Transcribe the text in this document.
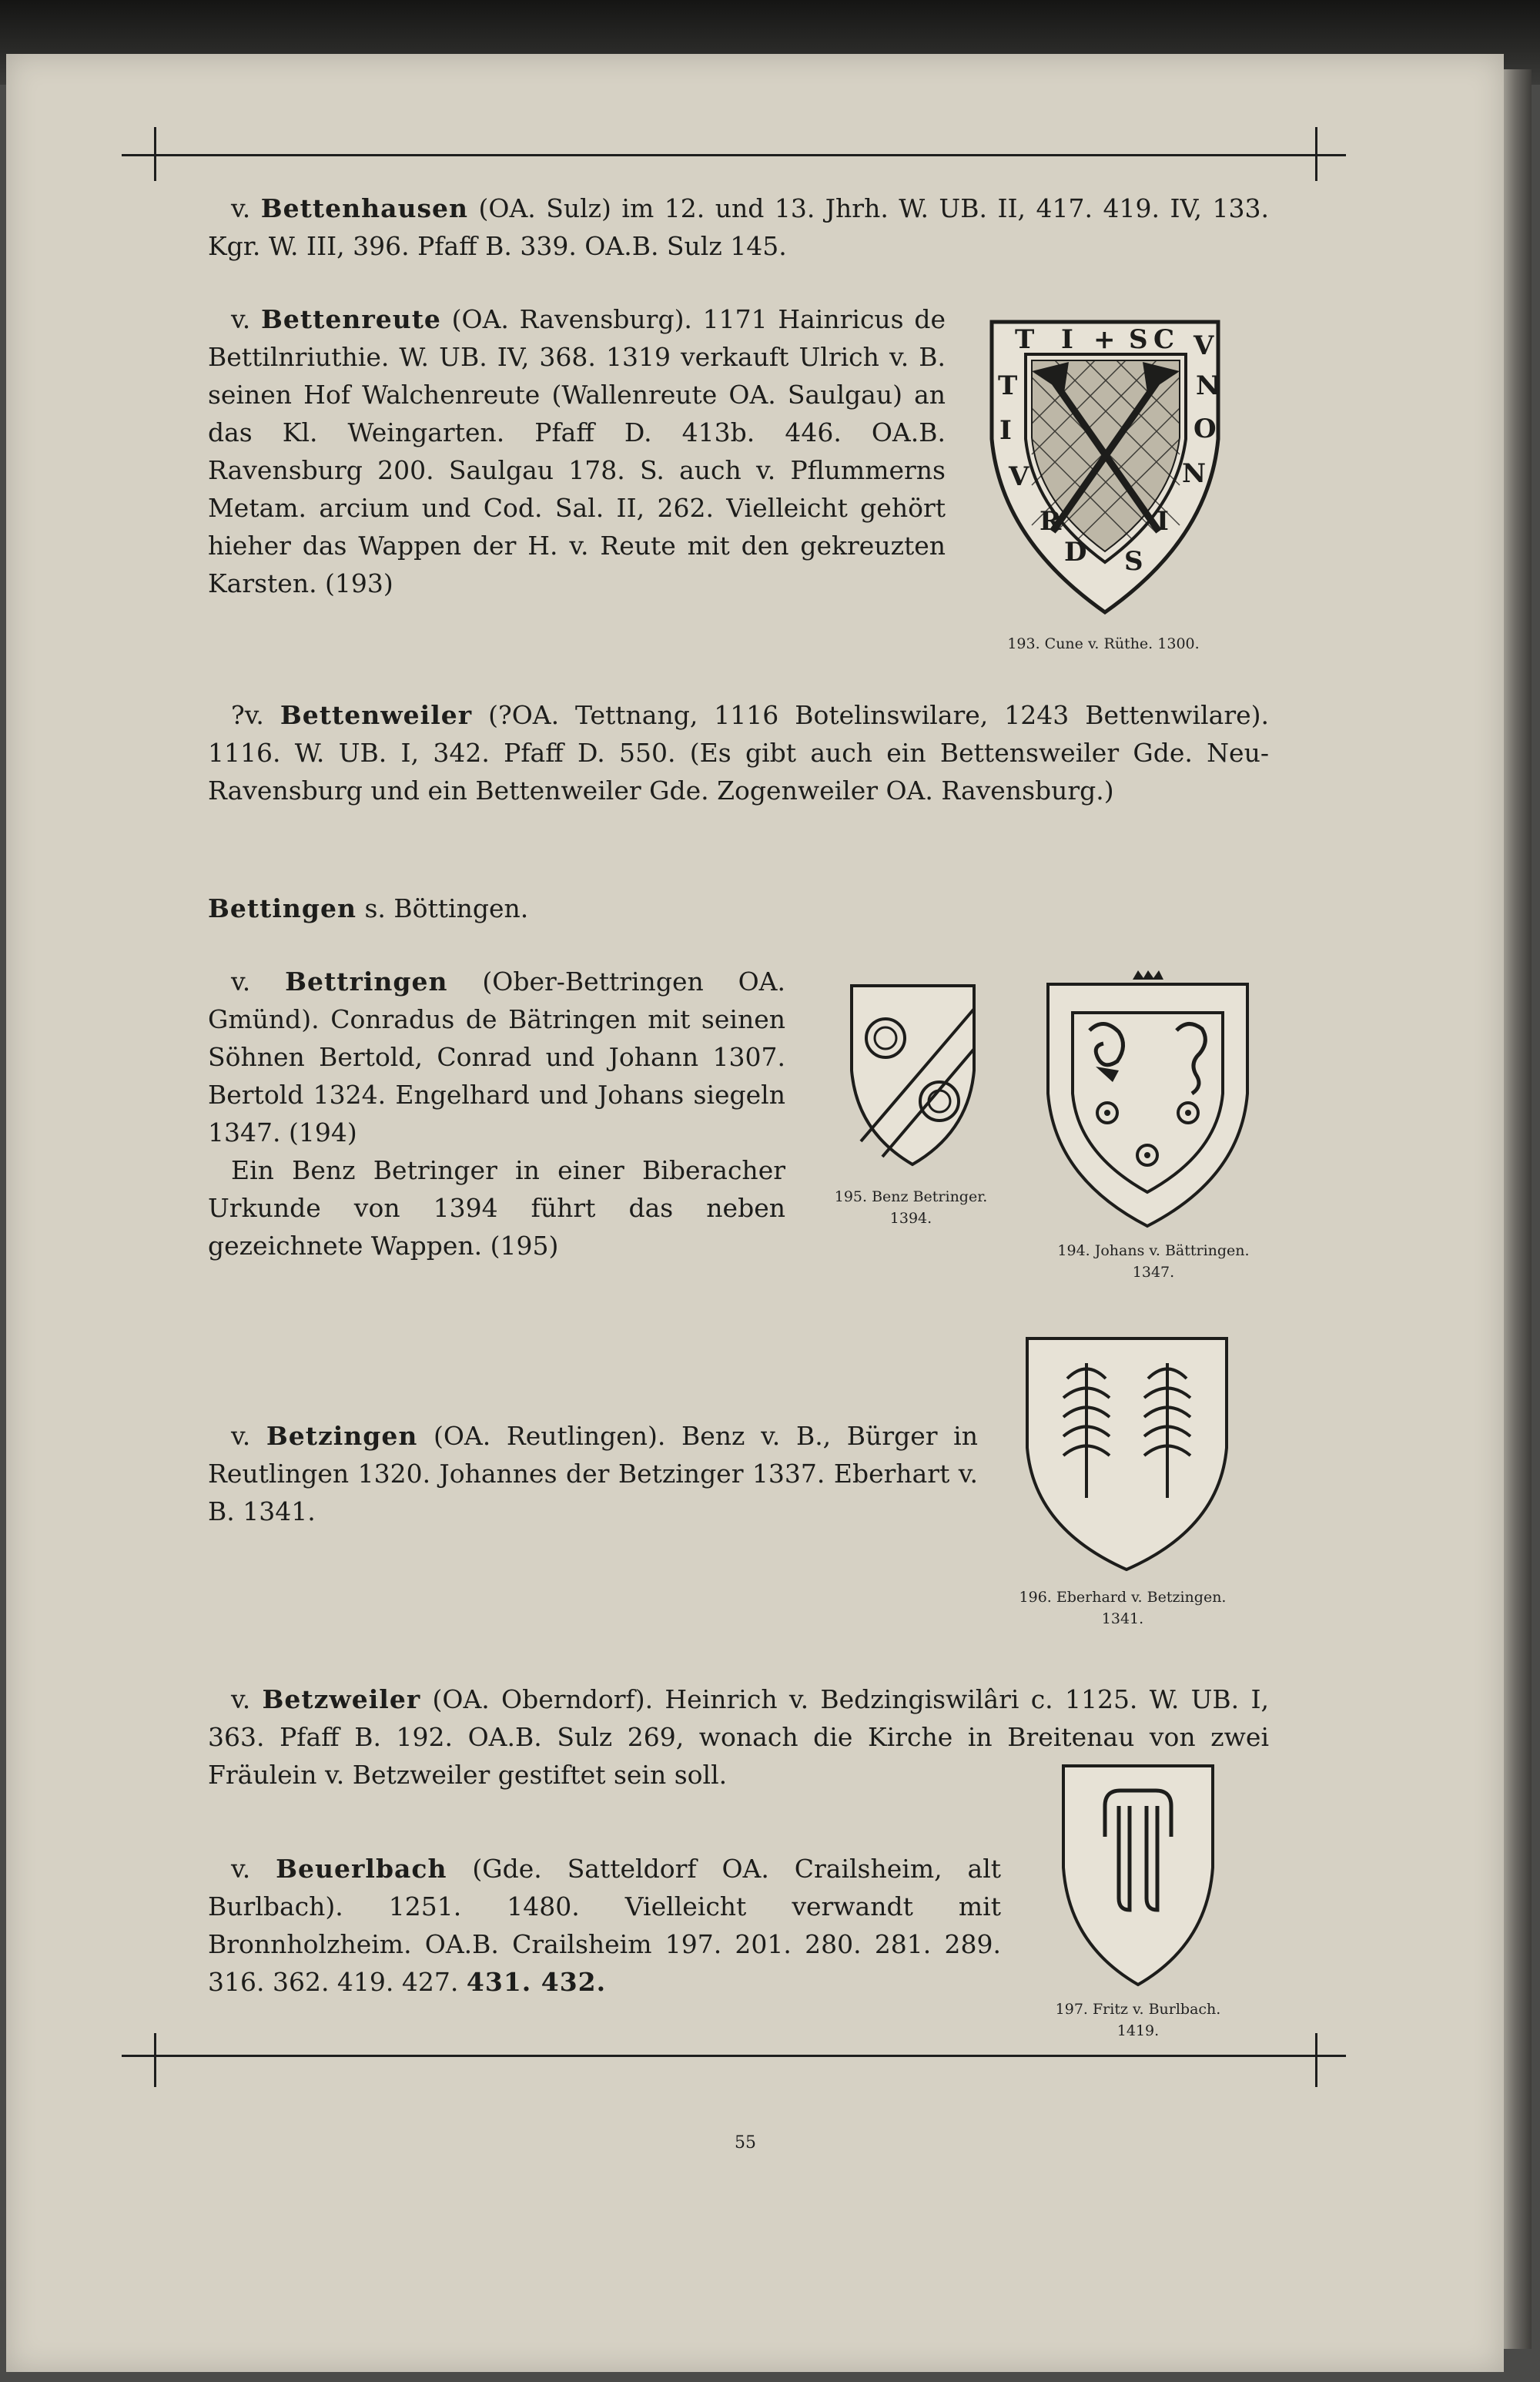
v. Bettenhausen (OA. Sulz) im 12. und 13. Jhrh. W. UB. II, 417. 419. IV, 133. Kgr. W. III, 396. Pfaff B. 339. OA.B. Sulz 145.

v. Bettenreute (OA. Ravensburg). 1171 Hainricus de Bettilnriuthie. W. UB. IV, 368. 1319 verkauft Ulrich v. B. seinen Hof Walchenreute (Wallenreute OA. Saulgau) an das Kl. Weingarten. Pfaff D. 413b. 446. OA.B. Ravensburg 200. Saulgau 178. S. auch v. Pflummerns Metam. arcium und Cod. Sal. II, 262. Vielleicht gehört hieher das Wappen der H. v. Reute mit den gekreuzten Karsten. (193)

T I + S C V
N
O
N
I
S
D
R
V
I
T
193. Cune v. Rüthe. 1300.

?v. Bettenweiler (?OA. Tettnang, 1116 Botelinswilare, 1243 Bettenwilare). 1116. W. UB. I, 342. Pfaff D. 550. (Es gibt auch ein Bettensweiler Gde. Neu-Ravensburg und ein Bettenweiler Gde. Zogenweiler OA. Ravensburg.)

Bettingen s. Böttingen.

v. Bettringen (Ober-Bettringen OA. Gmünd). Conradus de Bätringen mit seinen Söhnen Bertold, Conrad und Johann 1307. Bertold 1324. Engelhard und Johans siegeln 1347. (194)

Ein Benz Betringer in einer Biberacher Urkunde von 1394 führt das neben gezeichnete Wappen. (195)

195. Benz Betringer.
1394.
194. Johans v. Bättringen.
1347.
196. Eberhard v. Betzingen.
1341.

v. Betzingen (OA. Reutlingen). Benz v. B., Bürger in Reutlingen 1320. Johannes der Betzinger 1337. Eberhart v. B. 1341.

v. Betzweiler (OA. Oberndorf). Heinrich v. Bedzingiswilâri c. 1125. W. UB. I, 363. Pfaff B. 192. OA.B. Sulz 269, wonach die Kirche in Breitenau von zwei Fräulein v. Betzweiler gestiftet sein soll.

v. Beuerlbach (Gde. Satteldorf OA. Crailsheim, alt Burlbach). 1251. 1480. Vielleicht verwandt mit Bronnholzheim. OA.B. Crailsheim 197. 201. 280. 281. 289. 316. 362. 419. 427. 431. 432.

197. Fritz v. Burlbach.
1419.
55
